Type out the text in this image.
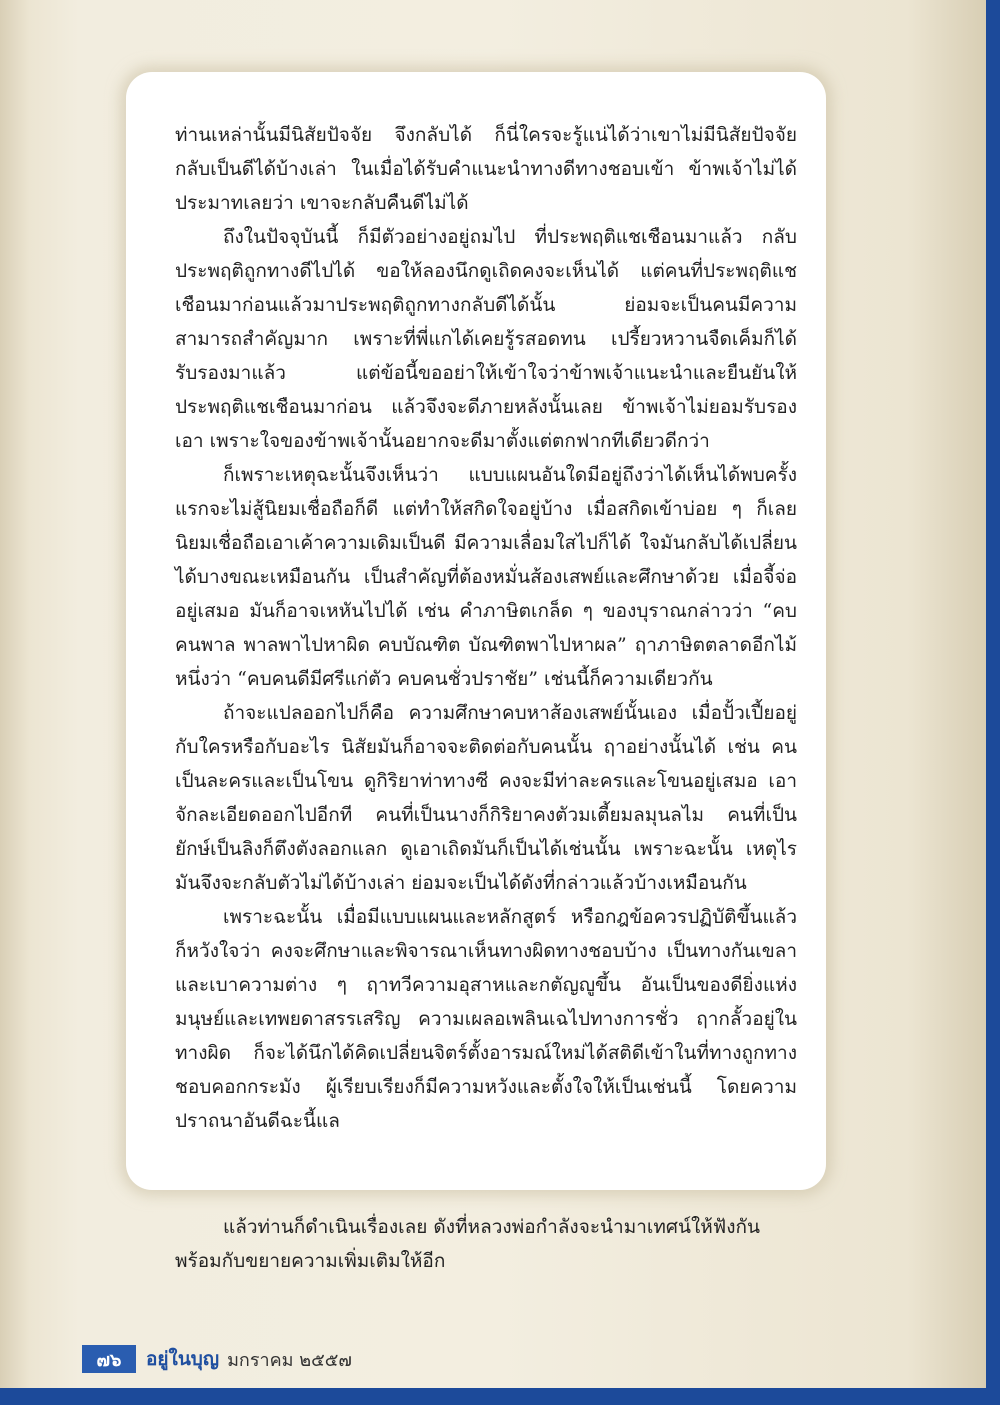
ท่านเหล่านั้นมีนิสัยปัจจัย จึงกลับได้ ก็นี่ใครจะรู้แน่ได้ว่าเขาไม่มีนิสัยปัจจัยกลับเป็นดีได้บ้างเล่า ในเมื่อได้รับคำแนะนำทางดีทางชอบเข้า ข้าพเจ้าไม่ได้ประมาทเลยว่า เขาจะกลับคืนดีไม่ได้

ถึงในปัจจุบันนี้ ก็มีตัวอย่างอยู่ถมไป ที่ประพฤติแชเชือนมาแล้ว กลับประพฤติถูกทางดีไปได้ ขอให้ลองนึกดูเถิดคงจะเห็นได้ แต่คนที่ประพฤติแชเชือนมาก่อนแล้วมาประพฤติถูกทางกลับดีได้นั้น ย่อมจะเป็นคนมีความสามารถสำคัญมาก เพราะที่พี่แกได้เคยรู้รสอดทน เปรี้ยวหวานจืดเค็มก็ได้รับรองมาแล้ว แต่ข้อนี้ขออย่าให้เข้าใจว่าข้าพเจ้าแนะนำและยืนยันให้ประพฤติแชเชือนมาก่อน แล้วจึงจะดีภายหลังนั้นเลย ข้าพเจ้าไม่ยอมรับรองเอา เพราะใจของข้าพเจ้านั้นอยากจะดีมาตั้งแต่ตกฟากทีเดียวดีกว่า

ก็เพราะเหตุฉะนั้นจึงเห็นว่า แบบแผนอันใดมีอยู่ถึงว่าได้เห็นได้พบครั้งแรกจะไม่สู้นิยมเชื่อถือก็ดี แต่ทำให้สกิดใจอยู่บ้าง เมื่อสกิดเข้าบ่อย ๆ ก็เลยนิยมเชื่อถือเอาเค้าความเดิมเป็นดี มีความเลื่อมใสไปก็ได้ ใจมันกลับได้เปลี่ยนได้บางขณะเหมือนกัน เป็นสำคัญที่ต้องหมั่นส้องเสพย์และศึกษาด้วย เมื่อจี้จ่ออยู่เสมอ มันก็อาจเหหันไปได้ เช่น คำภาษิตเกล็ด ๆ ของบุราณกล่าวว่า “คบคนพาล พาลพาไปหาผิด คบบัณฑิต บัณฑิตพาไปหาผล” ฤาภาษิตตลาดอีกไม้หนึ่งว่า “คบคนดีมีศรีแก่ตัว คบคนชั่วปราชัย” เช่นนี้ก็ความเดียวกัน

ถ้าจะแปลออกไปก็คือ ความศึกษาคบหาส้องเสพย์นั้นเอง เมื่อปั้วเปี้ยอยู่กับใครหรือกับอะไร นิสัยมันก็อาจจะติดต่อกับคนนั้น ฤาอย่างนั้นได้ เช่น คนเป็นละครและเป็นโขน ดูกิริยาท่าทางซี คงจะมีท่าละครและโขนอยู่เสมอ เอาจักละเอียดออกไปอีกที คนที่เป็นนางก็กิริยาคงตัวมเตี้ยมลมุนลไม คนที่เป็นยักษ์เป็นลิงก็ตึงตังลอกแลก ดูเอาเถิดมันก็เป็นได้เช่นนั้น เพราะฉะนั้น เหตุไรมันจึงจะกลับตัวไม่ได้บ้างเล่า ย่อมจะเป็นได้ดังที่กล่าวแล้วบ้างเหมือนกัน

เพราะฉะนั้น เมื่อมีแบบแผนและหลักสูตร์ หรือกฎข้อควรปฏิบัติขึ้นแล้ว ก็หวังใจว่า คงจะศึกษาและพิจารณาเห็นทางผิดทางชอบบ้าง เป็นทางกันเขลาและเบาความต่าง ๆ ฤาทวีความอุสาหและกตัญญูขึ้น อันเป็นของดียิ่งแห่งมนุษย์และเทพยดาสรรเสริญ ความเผลอเพลินเฉไปทางการชั่ว ฤากลั้วอยู่ในทางผิด ก็จะได้นึกได้คิดเปลี่ยนจิตร์ตั้งอารมณ์ใหม่ได้สติดีเข้าในที่ทางถูกทางชอบคอกกระมัง ผู้เรียบเรียงก็มีความหวังและตั้งใจให้เป็นเช่นนี้ โดยความปราถนาอันดีฉะนี้แล

แล้วท่านก็ดำเนินเรื่องเลย ดังที่หลวงพ่อกำลังจะนำมาเทศน์ให้ฟังกัน พร้อมกับขยายความเพิ่มเติมให้อีก

๗๖	อยู่ในบุญ มกราคม ๒๕๕๗
